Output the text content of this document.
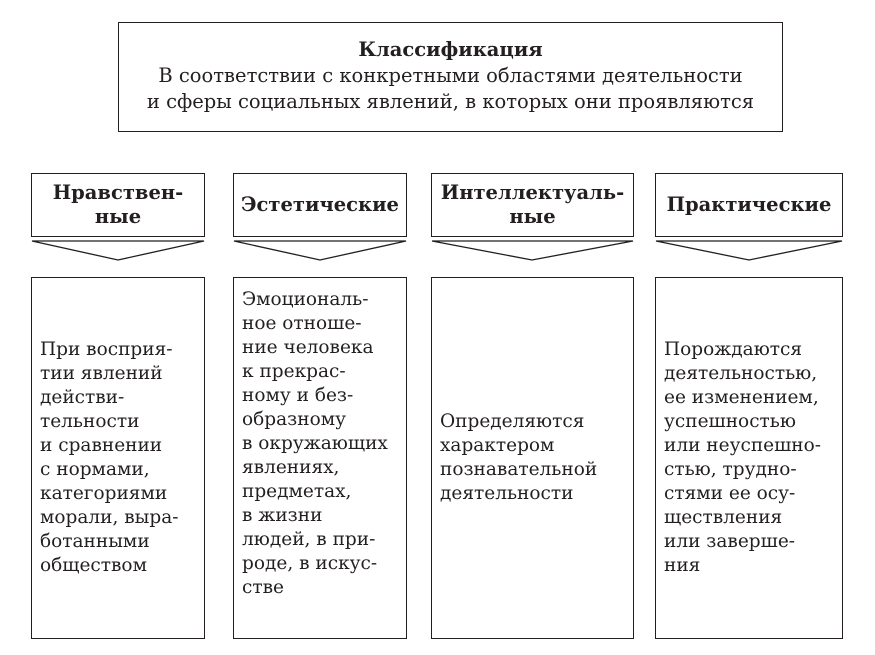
Классификация
В соответствии с конкретными областями деятельности
и сферы социальных явлений, в которых они проявляются
Нравствен-
ные
При восприя-
тии явлений
действи-
тельности
и сравнении
с нормами,
категориями
морали, выра-
ботанными
обществом
Эстетические
Эмоциональ-
ное отноше-
ние человека
к прекрас-
ному и без-
образному
в окружающих
явлениях,
предметах,
в жизни
людей, в при-
роде, в искус-
стве
Интеллектуаль-
ные
Определяются
характером
познавательной
деятельности
Практические
Порождаются
деятельностью,
ее изменением,
успешностью
или неуспешно-
стью, трудно-
стями ее осу-
ществления
или заверше-
ния
